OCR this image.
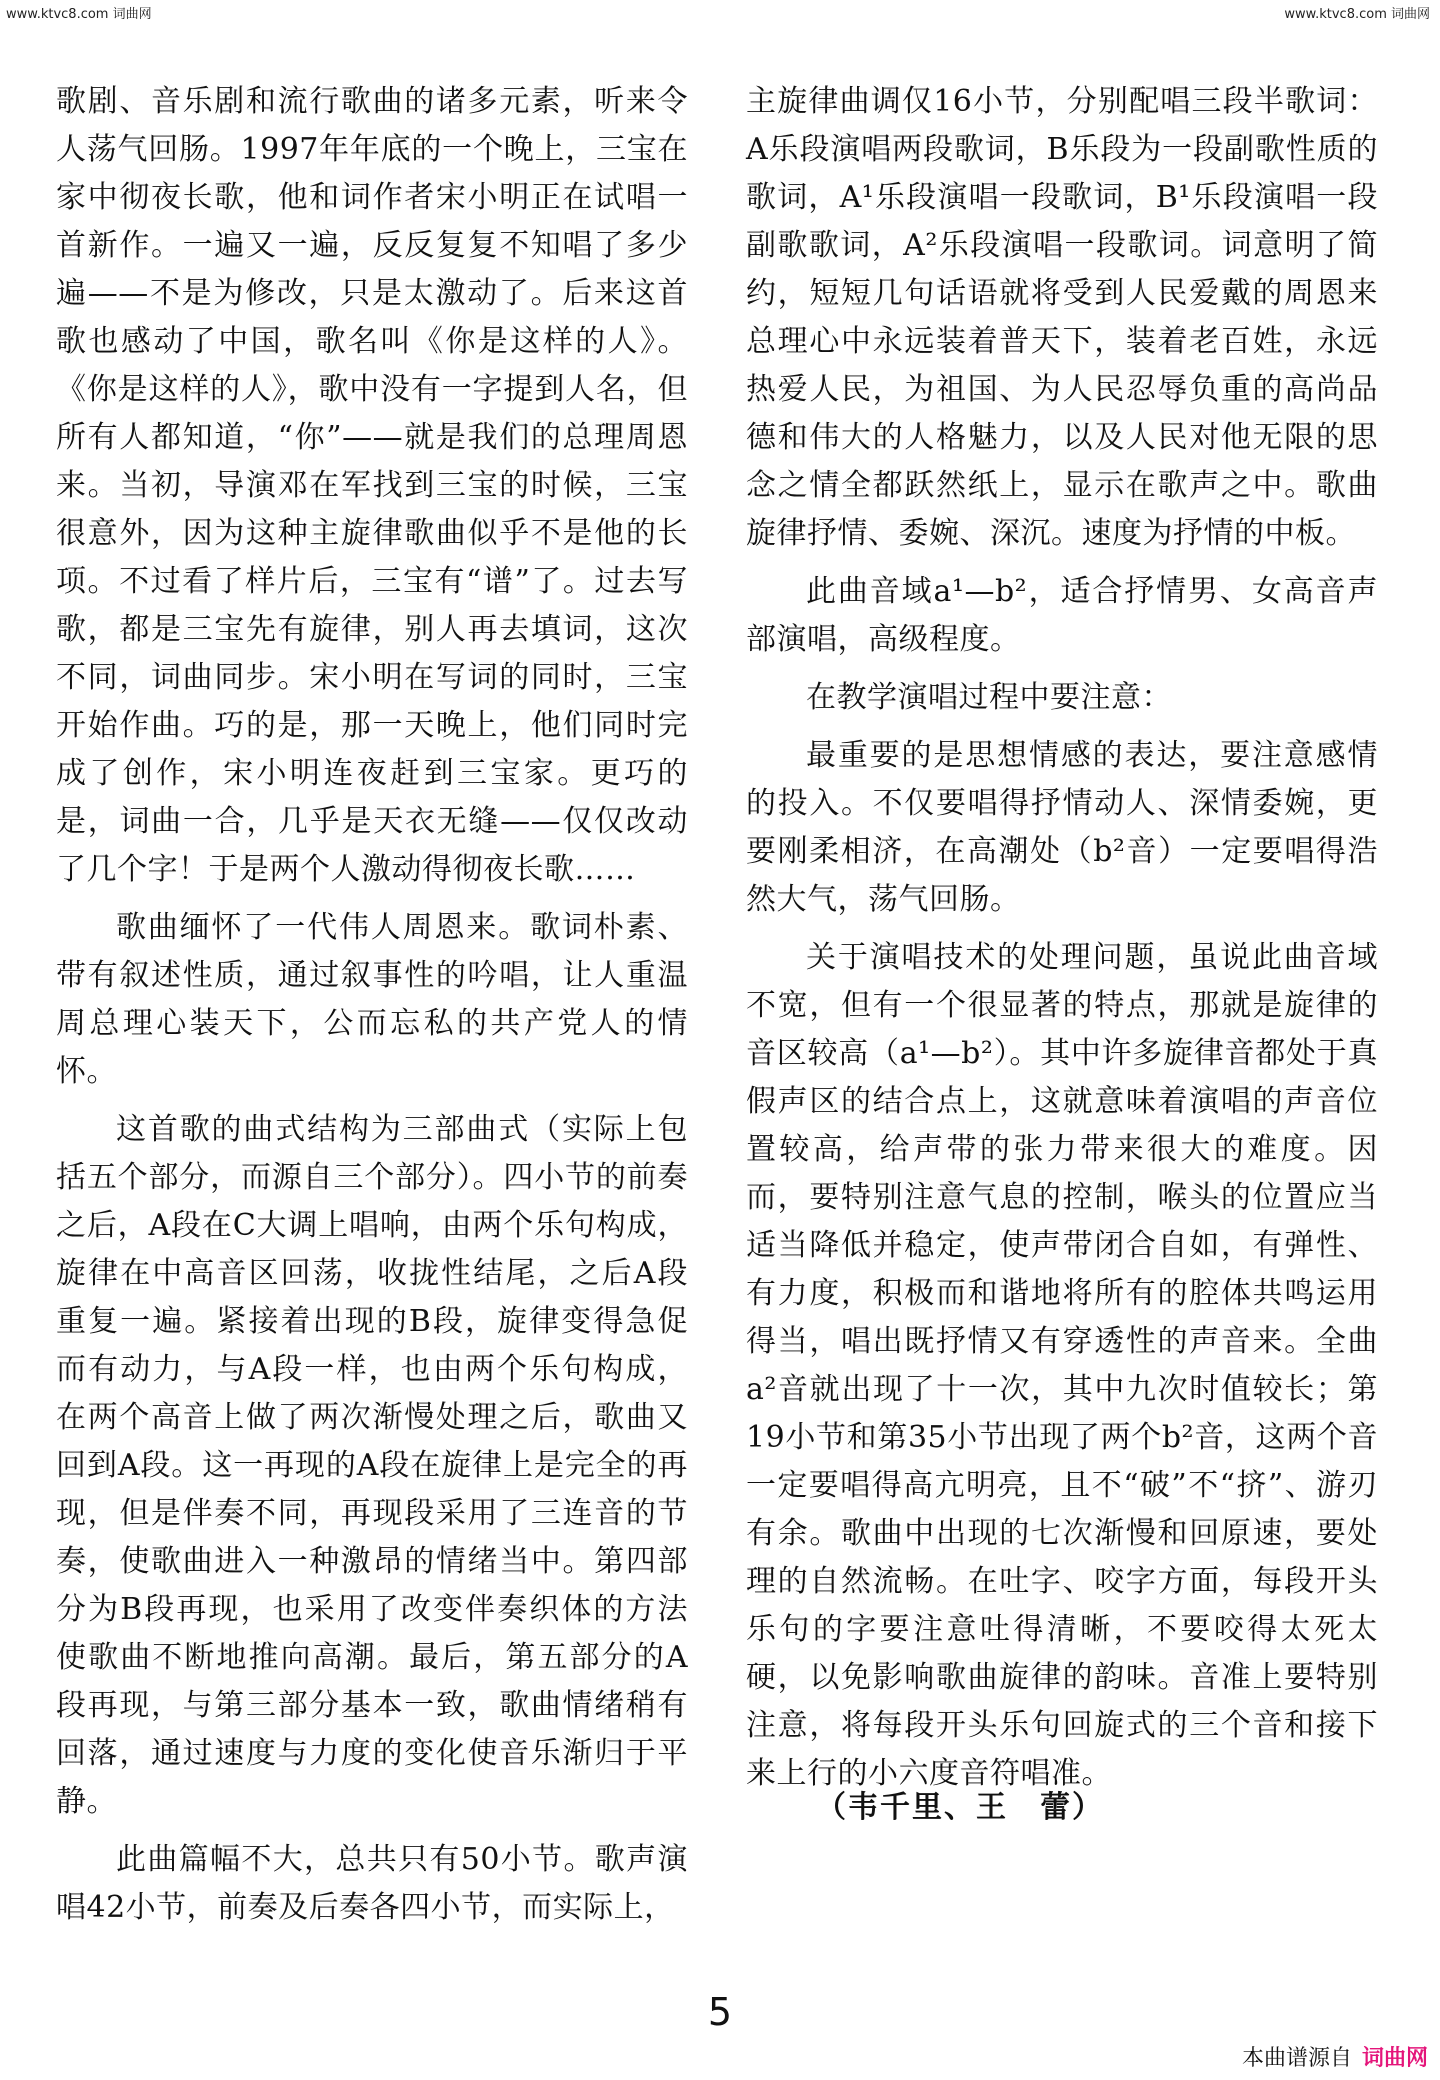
www.ktvc8.com 词曲网	www.ktvc8.com 词曲网

歌剧、音乐剧和流行歌曲的诸多元素，听来令人荡气回肠。1997年年底的一个晚上，三宝在家中彻夜长歌，他和词作者宋小明正在试唱一首新作。一遍又一遍，反反复复不知唱了多少遍——不是为修改，只是太激动了。后来这首歌也感动了中国，歌名叫《你是这样的人》。《你是这样的人》，歌中没有一字提到人名，但所有人都知道，“你”——就是我们的总理周恩来。当初，导演邓在军找到三宝的时候，三宝很意外，因为这种主旋律歌曲似乎不是他的长项。不过看了样片后，三宝有“谱”了。过去写歌，都是三宝先有旋律，别人再去填词，这次不同，词曲同步。宋小明在写词的同时，三宝开始作曲。巧的是，那一天晚上，他们同时完成了创作，宋小明连夜赶到三宝家。更巧的是，词曲一合，几乎是天衣无缝——仅仅改动了几个字！于是两个人激动得彻夜长歌……

歌曲缅怀了一代伟人周恩来。歌词朴素、带有叙述性质，通过叙事性的吟唱，让人重温周总理心装天下，公而忘私的共产党人的情怀。

这首歌的曲式结构为三部曲式（实际上包括五个部分，而源自三个部分）。四小节的前奏之后，A段在C大调上唱响，由两个乐句构成，旋律在中高音区回荡，收拢性结尾，之后A段重复一遍。紧接着出现的B段，旋律变得急促而有动力，与A段一样，也由两个乐句构成，在两个高音上做了两次渐慢处理之后，歌曲又回到A段。这一再现的A段在旋律上是完全的再现，但是伴奏不同，再现段采用了三连音的节奏，使歌曲进入一种激昂的情绪当中。第四部分为B段再现，也采用了改变伴奏织体的方法使歌曲不断地推向高潮。最后，第五部分的A段再现，与第三部分基本一致，歌曲情绪稍有回落，通过速度与力度的变化使音乐渐归于平静。

此曲篇幅不大，总共只有50小节。歌声演唱42小节，前奏及后奏各四小节，而实际上，

主旋律曲调仅16小节，分别配唱三段半歌词：A乐段演唱两段歌词，B乐段为一段副歌性质的歌词，A¹乐段演唱一段歌词，B¹乐段演唱一段副歌歌词，A²乐段演唱一段歌词。词意明了简约，短短几句话语就将受到人民爱戴的周恩来总理心中永远装着普天下，装着老百姓，永远热爱人民，为祖国、为人民忍辱负重的高尚品德和伟大的人格魅力，以及人民对他无限的思念之情全都跃然纸上，显示在歌声之中。歌曲旋律抒情、委婉、深沉。速度为抒情的中板。

此曲音域a¹—b²，适合抒情男、女高音声部演唱，高级程度。

在教学演唱过程中要注意：

最重要的是思想情感的表达，要注意感情的投入。不仅要唱得抒情动人、深情委婉，更要刚柔相济，在高潮处（b²音）一定要唱得浩然大气，荡气回肠。

关于演唱技术的处理问题，虽说此曲音域不宽，但有一个很显著的特点，那就是旋律的音区较高（a¹—b²）。其中许多旋律音都处于真假声区的结合点上，这就意味着演唱的声音位置较高，给声带的张力带来很大的难度。因而，要特别注意气息的控制，喉头的位置应当适当降低并稳定，使声带闭合自如，有弹性、有力度，积极而和谐地将所有的腔体共鸣运用得当，唱出既抒情又有穿透性的声音来。全曲a²音就出现了十一次，其中九次时值较长；第19小节和第35小节出现了两个b²音，这两个音一定要唱得高亢明亮，且不“破”不“挤”、游刃有余。歌曲中出现的七次渐慢和回原速，要处理的自然流畅。在吐字、咬字方面，每段开头乐句的字要注意吐得清晰，不要咬得太死太硬，以免影响歌曲旋律的韵味。音准上要特别注意，将每段开头乐句回旋式的三个音和接下来上行的小六度音符唱准。

（韦千里、王　蕾）
5
本曲谱源自 词曲网
